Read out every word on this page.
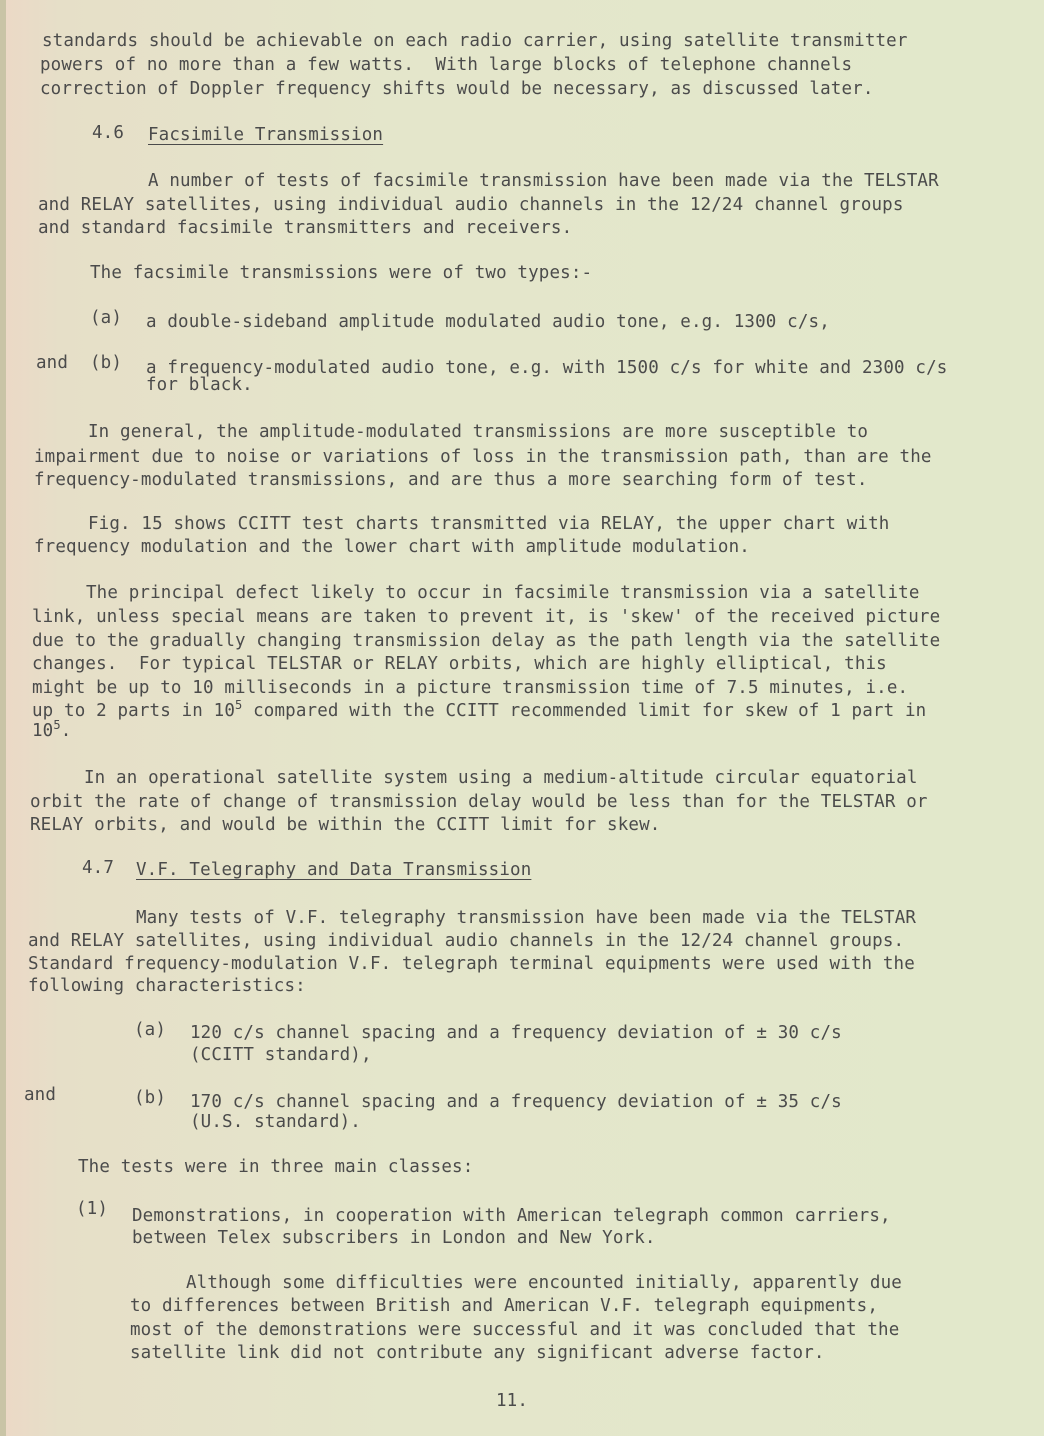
standards should be achievable on each radio carrier, using satellite transmitter
powers of no more than a few watts.  With large blocks of telephone channels
correction of Doppler frequency shifts would be necessary, as discussed later.
4.6 Facsimile Transmission
A number of tests of facsimile transmission have been made via the TELSTAR
and RELAY satellites, using individual audio channels in the 12/24 channel groups
and standard facsimile transmitters and receivers.
The facsimile transmissions were of two types:-
(a) a double-sideband amplitude modulated audio tone, e.g. 1300 c/s,
and (b) a frequency-modulated audio tone, e.g. with 1500 c/s for white and 2300 c/s
for black.
In general, the amplitude-modulated transmissions are more susceptible to
impairment due to noise or variations of loss in the transmission path, than are the
frequency-modulated transmissions, and are thus a more searching form of test.
Fig. 15 shows CCITT test charts transmitted via RELAY, the upper chart with
frequency modulation and the lower chart with amplitude modulation.
The principal defect likely to occur in facsimile transmission via a satellite
link, unless special means are taken to prevent it, is 'skew' of the received picture
due to the gradually changing transmission delay as the path length via the satellite
changes.  For typical TELSTAR or RELAY orbits, which are highly elliptical, this
might be up to 10 milliseconds in a picture transmission time of 7.5 minutes, i.e.
up to 2 parts in $10^5$ compared with the CCITT recommended limit for skew of 1 part in
$10^5$.
In an operational satellite system using a medium-altitude circular equatorial
orbit the rate of change of transmission delay would be less than for the TELSTAR or
RELAY orbits, and would be within the CCITT limit for skew.
4.7 V.F. Telegraphy and Data Transmission
Many tests of V.F. telegraphy transmission have been made via the TELSTAR
and RELAY satellites, using individual audio channels in the 12/24 channel groups.
Standard frequency-modulation V.F. telegraph terminal equipments were used with the
following characteristics:
(a) 120 c/s channel spacing and a frequency deviation of ± 30 c/s
(CCITT standard),
and	(b) 170 c/s channel spacing and a frequency deviation of ± 35 c/s
(U.S. standard).
The tests were in three main classes:
(1) Demonstrations, in cooperation with American telegraph common carriers,
between Telex subscribers in London and New York.
Although some difficulties were encounted initially, apparently due
to differences between British and American V.F. telegraph equipments,
most of the demonstrations were successful and it was concluded that the
satellite link did not contribute any significant adverse factor.
11.
